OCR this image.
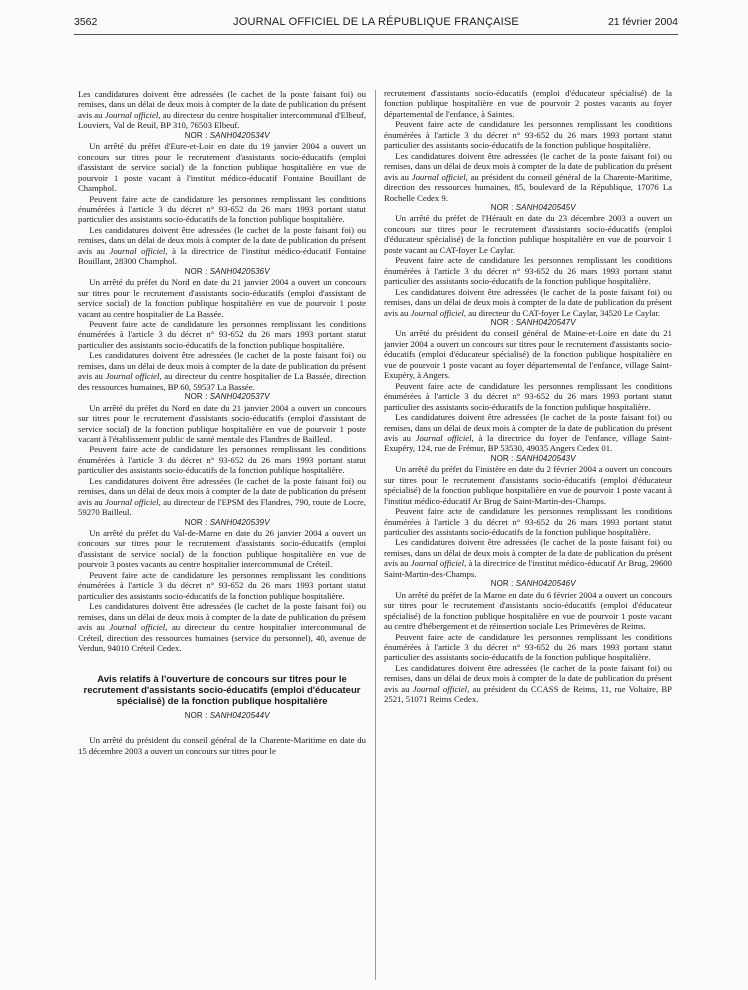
3562	JOURNAL OFFICIEL DE LA RÉPUBLIQUE FRANÇAISE	21 février 2004

Les candidatures doivent être adressées (le cachet de la poste faisant foi) ou remises, dans un délai de deux mois à compter de la date de publication du présent avis au Journal officiel, au directeur du centre hospitalier intercommunal d'Elbeuf, Louviers, Val de Reuil, BP 310, 76503 Elbeuf.

NOR : SANH0420534V

Un arrêté du préfet d'Eure-et-Loir en date du 19 janvier 2004 a ouvert un concours sur titres pour le recrutement d'assistants socio-éducatifs (emploi d'assistant de service social) de la fonction publique hospitalière en vue de pourvoir 1 poste vacant à l'institut médico-éducatif Fontaine Bouillant de Champhol.

Peuvent faire acte de candidature les personnes remplissant les conditions énumérées à l'article 3 du décret n° 93-652 du 26 mars 1993 portant statut particulier des assistants socio-éducatifs de la fonction publique hospitalière.

Les candidatures doivent être adressées (le cachet de la poste faisant foi) ou remises, dans un délai de deux mois à compter de la date de publication du présent avis au Journal officiel, à la directrice de l'institut médico-éducatif Fontaine Bouillant, 28300 Champhol.

NOR : SANH0420536V

Un arrêté du préfet du Nord en date du 21 janvier 2004 a ouvert un concours sur titres pour le recrutement d'assistants socio-éducatifs (emploi d'assistant de service social) de la fonction publique hospitalière en vue de pourvoir 1 poste vacant au centre hospitalier de La Bassée.

Peuvent faire acte de candidature les personnes remplissant les conditions énumérées à l'article 3 du décret n° 93-652 du 26 mars 1993 portant statut particulier des assistants socio-éducatifs de la fonction publique hospitalière.

Les candidatures doivent être adressées (le cachet de la poste faisant foi) ou remises, dans un délai de deux mois à compter de la date de publication du présent avis au Journal officiel, au directeur du centre hospitalier de La Bassée, direction des ressources humaines, BP 60, 59537 La Bassée.

NOR : SANH0420537V

Un arrêté du préfet du Nord en date du 21 janvier 2004 a ouvert un concours sur titres pour le recrutement d'assistants socio-éducatifs (emploi d'assistant de service social) de la fonction publique hospitalière en vue de pourvoir 1 poste vacant à l'établissement public de santé mentale des Flandres de Bailleul.

Peuvent faire acte de candidature les personnes remplissant les conditions énumérées à l'article 3 du décret n° 93-652 du 26 mars 1993 portant statut particulier des assistants socio-éducatifs de la fonction publique hospitalière.

Les candidatures doivent être adressées (le cachet de la poste faisant foi) ou remises, dans un délai de deux mois à compter de la date de publication du présent avis au Journal officiel, au directeur de l'EPSM des Flandres, 790, route de Locre, 59270 Bailleul.

NOR : SANH0420539V

Un arrêté du préfet du Val-de-Marne en date du 26 janvier 2004 a ouvert un concours sur titres pour le recrutement d'assistants socio-éducatifs (emploi d'assistant de service social) de la fonction publique hospitalière en vue de pourvoir 3 postes vacants au centre hospitalier intercommunal de Créteil.

Peuvent faire acte de candidature les personnes remplissant les conditions énumérées à l'article 3 du décret n° 93-652 du 26 mars 1993 portant statut particulier des assistants socio-éducatifs de la fonction publique hospitalière.

Les candidatures doivent être adressées (le cachet de la poste faisant foi) ou remises, dans un délai de deux mois à compter de la date de publication du présent avis au Journal officiel, au directeur du centre hospitalier intercommunal de Créteil, direction des ressources humaines (service du personnel), 40, avenue de Verdun, 94010 Créteil Cedex.

Avis relatifs à l'ouverture de concours sur titres pour le recrutement d'assistants socio-éducatifs (emploi d'éducateur spécialisé) de la fonction publique hospitalière

NOR : SANH0420544V

Un arrêté du président du conseil général de la Charente-Maritime en date du 15 décembre 2003 a ouvert un concours sur titres pour le

recrutement d'assistants socio-éducatifs (emploi d'éducateur spécialisé) de la fonction publique hospitalière en vue de pourvoir 2 postes vacants au foyer départemental de l'enfance, à Saintes.

Peuvent faire acte de candidature les personnes remplissant les conditions énumérées à l'article 3 du décret n° 93-652 du 26 mars 1993 portant statut particulier des assistants socio-éducatifs de la fonction publique hospitalière.

Les candidatures doivent être adressées (le cachet de la poste faisant foi) ou remises, dans un délai de deux mois à compter de la date de publication du présent avis au Journal officiel, au président du conseil général de la Charente-Maritime, direction des ressources humaines, 85, boulevard de la République, 17076 La Rochelle Cedex 9.

NOR : SANH0420545V

Un arrêté du préfet de l'Hérault en date du 23 décembre 2003 a ouvert un concours sur titres pour le recrutement d'assistants socio-éducatifs (emploi d'éducateur spécialisé) de la fonction publique hospitalière en vue de pourvoir 1 poste vacant au CAT-foyer Le Caylar.

Peuvent faire acte de candidature les personnes remplissant les conditions énumérées à l'article 3 du décret n° 93-652 du 26 mars 1993 portant statut particulier des assistants socio-éducatifs de la fonction publique hospitalière.

Les candidatures doivent être adressées (le cachet de la poste faisant foi) ou remises, dans un délai de deux mois à compter de la date de publication du présent avis au Journal officiel, au directeur du CAT-foyer Le Caylar, 34520 Le Caylar.

NOR : SANH0420547V

Un arrêté du président du conseil général de Maine-et-Loire en date du 21 janvier 2004 a ouvert un concours sur titres pour le recrutement d'assistants socio-éducatifs (emploi d'éducateur spécialisé) de la fonction publique hospitalière en vue de pourvoir 1 poste vacant au foyer départemental de l'enfance, village Saint-Exupéry, à Angers.

Peuvent faire acte de candidature les personnes remplissant les conditions énumérées à l'article 3 du décret n° 93-652 du 26 mars 1993 portant statut particulier des assistants socio-éducatifs de la fonction publique hospitalière.

Les candidatures doivent être adressées (le cachet de la poste faisant foi) ou remises, dans un délai de deux mois à compter de la date de publication du présent avis au Journal officiel, à la directrice du foyer de l'enfance, village Saint-Exupéry, 124, rue de Frémur, BP 53530, 49035 Angers Cedex 01.

NOR : SANH0420543V

Un arrêté du préfet du Finistère en date du 2 février 2004 a ouvert un concours sur titres pour le recrutement d'assistants socio-éducatifs (emploi d'éducateur spécialisé) de la fonction publique hospitalière en vue de pourvoir 1 poste vacant à l'institut médico-éducatif Ar Brug de Saint-Martin-des-Champs.

Peuvent faire acte de candidature les personnes remplissant les conditions énumérées à l'article 3 du décret n° 93-652 du 26 mars 1993 portant statut particulier des assistants socio-éducatifs de la fonction publique hospitalière.

Les candidatures doivent être adressées (le cachet de la poste faisant foi) ou remises, dans un délai de deux mois à compter de la date de publication du présent avis au Journal officiel, à la directrice de l'institut médico-éducatif Ar Brug, 29600 Saint-Martin-des-Champs.

NOR : SANH0420546V

Un arrêté du préfet de la Marne en date du 6 février 2004 a ouvert un concours sur titres pour le recrutement d'assistants socio-éducatifs (emploi d'éducateur spécialisé) de la fonction publique hospitalière en vue de pourvoir 1 poste vacant au centre d'hébergement et de réinsertion sociale Les Primevères de Reims.

Peuvent faire acte de candidature les personnes remplissant les conditions énumérées à l'article 3 du décret n° 93-652 du 26 mars 1993 portant statut particulier des assistants socio-éducatifs de la fonction publique hospitalière.

Les candidatures doivent être adressées (le cachet de la poste faisant foi) ou remises, dans un délai de deux mois à compter de la date de publication du présent avis au Journal officiel, au président du CCASS de Reims, 11, rue Voltaire, BP 2521, 51071 Reims Cedex.
